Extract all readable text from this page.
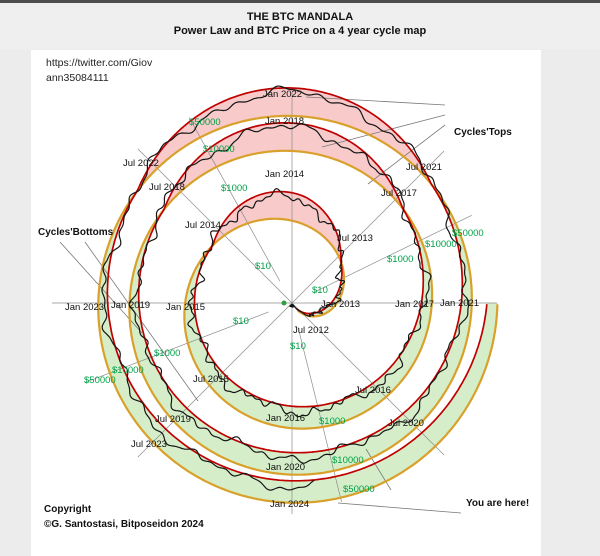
THE BTC MANDALA
Power Law and BTC Price on a 4 year cycle map
Jan 2022
Jan 2018
Jan 2014
Jul 2013
Jul 2017
Jul 2021
Jan 2013	Jan 2017 Jan 2021
Jan 2023 Jan 2019 Jan 2015
Jul 2022
Jul 2018
Jul 2014
Jul 2012
Jul 2015
Jul 2019
Jul 2023
Jan 2016
Jan 2020
Jan 2024
Jul 2016
Jul 2020
$10
$10
$10
$10
$1000
$10000
$50000
$1000
$10000
$50000
$1000
$10000
$50000
$1000
$10000
$50000
https://twitter.com/Giov
ann35084111
Cycles'Tops
Cycles'Bottoms
You are here!
Copyright
©G. Santostasi, Bitposeidon 2024
